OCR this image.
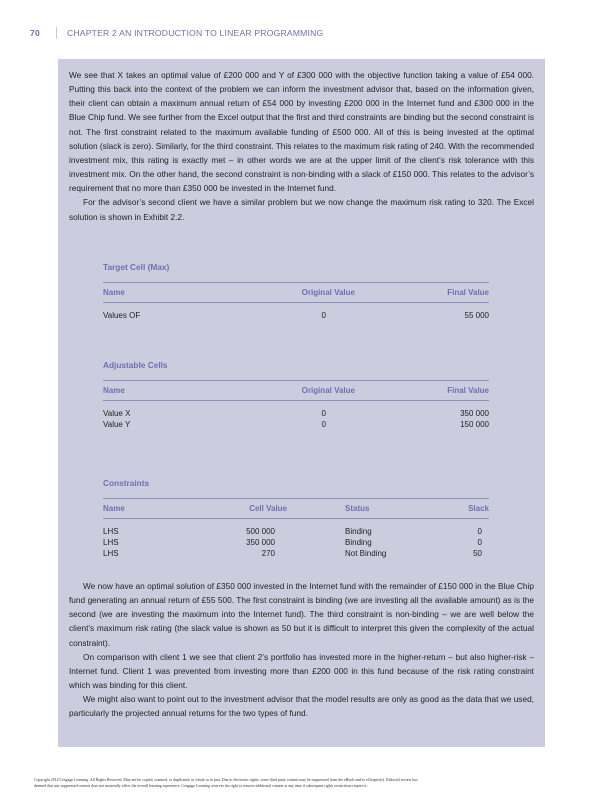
70	CHAPTER 2 AN INTRODUCTION TO LINEAR PROGRAMMING

We see that X takes an optimal value of £200 000 and Y of £300 000 with the objective function taking a value of £54 000. Putting this back into the context of the problem we can inform the investment advisor that, based on the information given, their client can obtain a maximum annual return of £54 000 by investing £200 000 in the Internet fund and £300 000 in the Blue Chip fund. We see further from the Excel output that the first and third constraints are binding but the second constraint is not. The first constraint related to the maximum available funding of £500 000. All of this is being invested at the optimal solution (slack is zero). Similarly, for the third constraint. This relates to the maximum risk rating of 240. With the recommended investment mix, this rating is exactly met – in other words we are at the upper limit of the client’s risk tolerance with this investment mix. On the other hand, the second constraint is non-binding with a slack of £150 000. This relates to the advisor’s requirement that no more than £350 000 be invested in the Internet fund.

For the advisor’s second client we have a similar problem but we now change the maximum risk rating to 320. The Excel solution is shown in Exhibit 2.2.

Target Cell (Max)
Name	Original Value	Final Value
Values OF	0	55 000
Adjustable Cells
Name	Original Value	Final Value
Value X	0	350 000
Value Y	0	150 000
Constraints
Name	Cell Value	Status	Slack
LHS	500 000	Binding	0
LHS	350 000	Binding	0
LHS	270	Not Binding	50

We now have an optimal solution of £350 000 invested in the Internet fund with the remainder of £150 000 in the Blue Chip fund generating an annual return of £55 500. The first constraint is binding (we are investing all the available amount) as is the second (we are investing the maximum into the Internet fund). The third constraint is non-binding – we are well below the client’s maximum risk rating (the slack value is shown as 50 but it is difficult to interpret this given the complexity of the actual constraint).

On comparison with client 1 we see that client 2’s portfolio has invested more in the higher-return – but also higher-risk – Internet fund. Client 1 was prevented from investing more than £200 000 in this fund because of the risk rating constraint which was binding for this client.

We might also want to point out to the investment advisor that the model results are only as good as the data that we used, particularly the projected annual returns for the two types of fund.

Copyright 2014 Cengage Learning. All Rights Reserved. May not be copied, scanned, or duplicated, in whole or in part. Due to electronic rights, some third party content may be suppressed from the eBook and/or eChapter(s). Editorial review has
deemed that any suppressed content does not materially affect the overall learning experience. Cengage Learning reserves the right to remove additional content at any time if subsequent rights restrictions require it.
